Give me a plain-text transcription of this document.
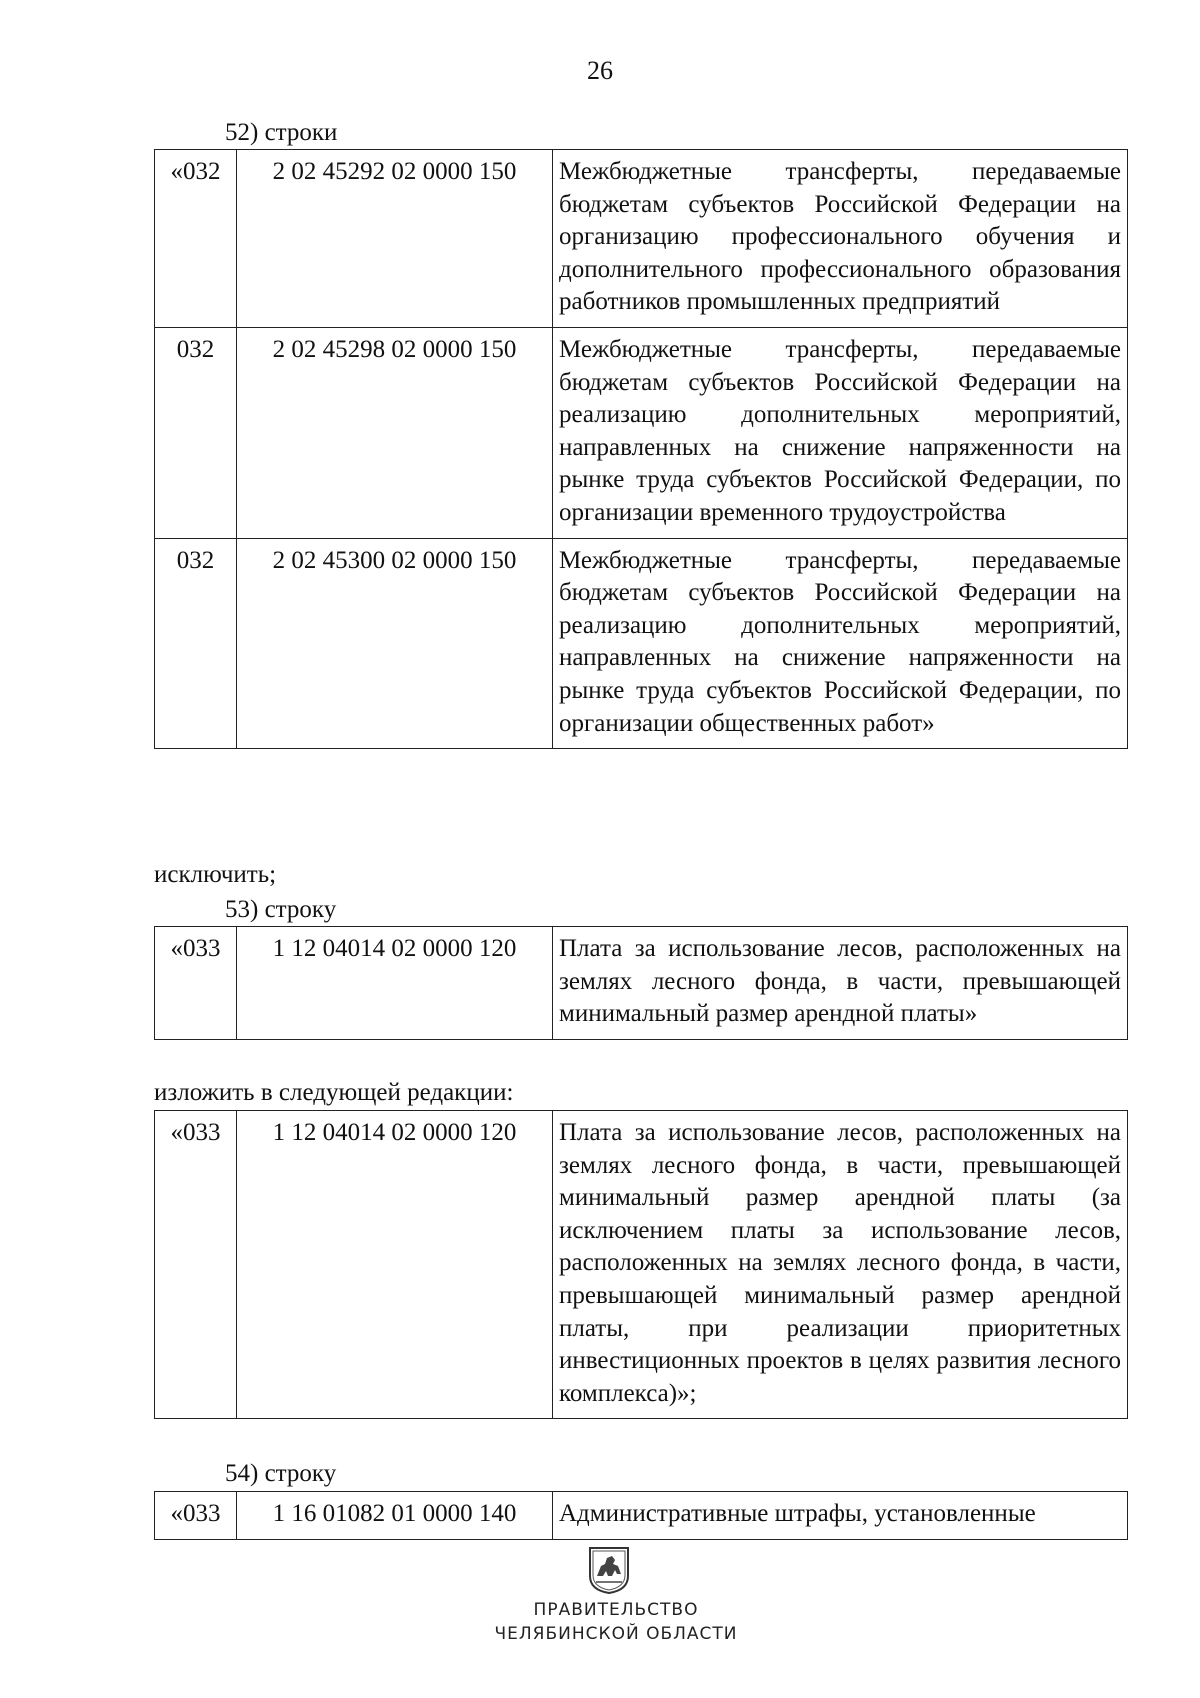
26
52) строки
«032	2 02 45292 02 0000 150	Межбюджетные трансферты, передаваемые бюджетам субъектов Российской Федерации на организацию профессионального обучения и дополнительного профессионального образования работников промышленных предприятий
032	2 02 45298 02 0000 150	Межбюджетные трансферты, передаваемые бюджетам субъектов Российской Федерации на реализацию дополнительных мероприятий, направленных на снижение напряженности на рынке труда субъектов Российской Федерации, по организации временного трудоустройства
032	2 02 45300 02 0000 150	Межбюджетные трансферты, передаваемые бюджетам субъектов Российской Федерации на реализацию дополнительных мероприятий, направленных на снижение напряженности на рынке труда субъектов Российской Федерации, по организации общественных работ»
исключить;
53) строку
«033	1 12 04014 02 0000 120	Плата за использование лесов, расположенных на землях лесного фонда, в части, превышающей минимальный размер арендной платы»
изложить в следующей редакции:
«033	1 12 04014 02 0000 120	Плата за использование лесов, расположенных на землях лесного фонда, в части, превышающей минимальный размер арендной платы (за исключением платы за использование лесов, расположенных на землях лесного фонда, в части, превышающей минимальный размер арендной платы, при реализации приоритетных инвестиционных проектов в целях развития лесного комплекса)»;
54) строку
«033	1 16 01082 01 0000 140	Административные штрафы, установленные
ПРАВИТЕЛЬСТВО
ЧЕЛЯБИНСКОЙ ОБЛАСТИ
